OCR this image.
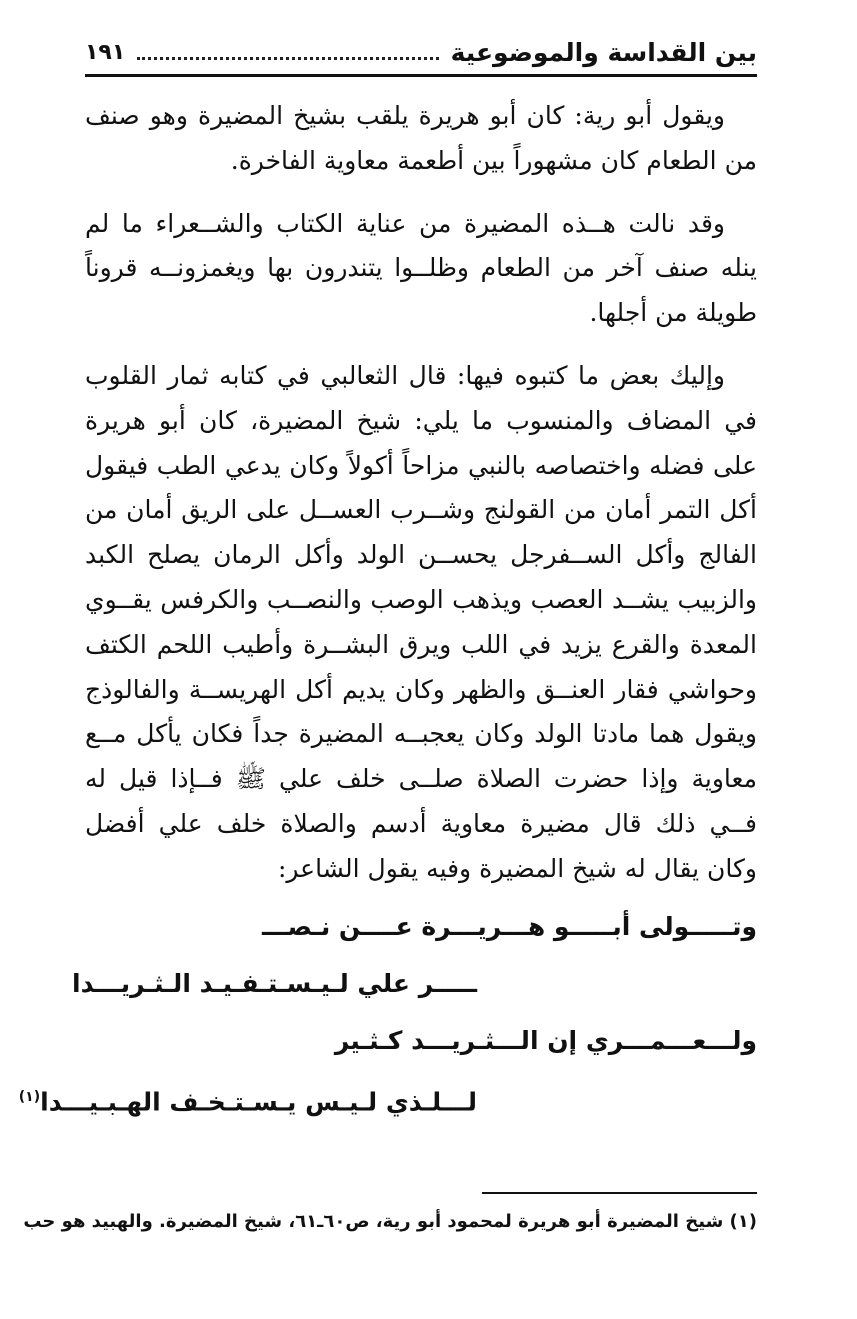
بين القداسة والموضوعية
١٩١

ويقول أبو رية: كان أبو هريرة يلقب بشيخ المضيرة وهو صنف من الطعام كان مشهوراً بين أطعمة معاوية الفاخرة.

وقد نالت هــذه المضيرة من عناية الكتاب والشــعراء ما لم ينله صنف آخر من الطعام وظلــوا يتندرون بها ويغمزونــه قروناً طويلة من أجلها.

وإليك بعض ما كتبوه فيها: قال الثعالبي في كتابه ثمار القلوب في المضاف والمنسوب ما يلي: شيخ المضيرة، كان أبو هريرة على فضله واختصاصه بالنبي مزاحاً أكولاً وكان يدعي الطب فيقول أكل التمر أمان من القولنج وشــرب العســل على الريق أمان من الفالج وأكل الســفرجل يحســن الولد وأكل الرمان يصلح الكبد والزبيب يشــد العصب ويذهب الوصب والنصــب والكرفس يقــوي المعدة والقرع يزيد في اللب ويرق البشــرة وأطيب اللحم الكتف وحواشي فقار العنــق والظهر وكان يديم أكل الهريســة والفالوذج ويقول هما مادتا الولد وكان يعجبــه المضيرة جداً فكان يأكل مــع معاوية وإذا حضرت الصلاة صلــى خلف علي ﷺ فــإذا قيل له فــي ذلك قال مضيرة معاوية أدسم والصلاة خلف علي أفضل وكان يقال له شيخ المضيرة وفيه يقول الشاعر:

وتـــــولى أبـــــو هـــريـــرة عــــن نـصـــ
ـــــر علي لـيـسـتـفـيـد الـثـريـــدا
ولـــعـــمـــري إن الـــثـريـــد كـثـير
لـــلـذي لـيـس يـسـتـخـف الهـبـيـــدا$^{(١)}$
(١) شيخ المضيرة أبو هريرة لمحمود أبو رية، ص٦٠ـ٦١، شيخ المضيرة. والهبيد هو حب
